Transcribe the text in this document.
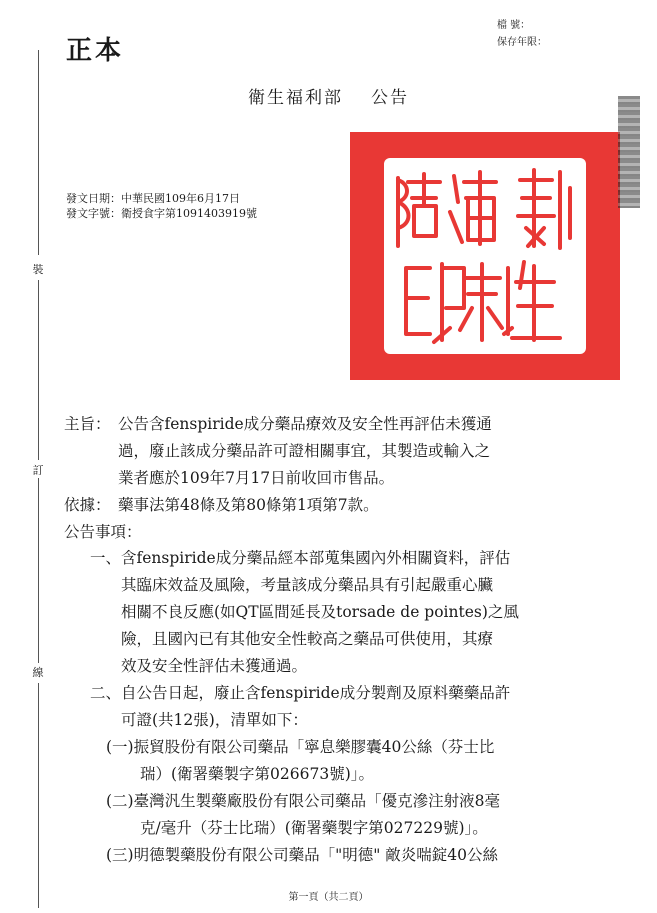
正本
檔 號：
保存年限：
衛生福利部 公告
發文日期：中華民國109年6月17日
發文字號：衛授食字第1091403919號
裝
訂
線
主旨： 公告含fenspiride成分藥品療效及安全性再評估未獲通
過，廢止該成分藥品許可證相關事宜，其製造或輸入之
業者應於109年7月17日前收回市售品。
依據： 藥事法第48條及第80條第1項第7款。
公告事項：
一、含fenspiride成分藥品經本部蒐集國內外相關資料，評估
其臨床效益及風險，考量該成分藥品具有引起嚴重心臟
相關不良反應(如QT區間延長及torsade de pointes)之風
險，且國內已有其他安全性較高之藥品可供使用，其療
效及安全性評估未獲通過。
二、自公告日起，廢止含fenspiride成分製劑及原料藥藥品許
可證(共12張)，清單如下：
(一)振貿股份有限公司藥品「寧息樂膠囊40公絲（芬士比
瑞）(衛署藥製字第026673號)」。
(二)臺灣汎生製藥廠股份有限公司藥品「優克滲注射液8毫
克/毫升（芬士比瑞）(衛署藥製字第027229號)」。
(三)明德製藥股份有限公司藥品「"明德" 敵炎喘錠40公絲
第一頁（共二頁）
